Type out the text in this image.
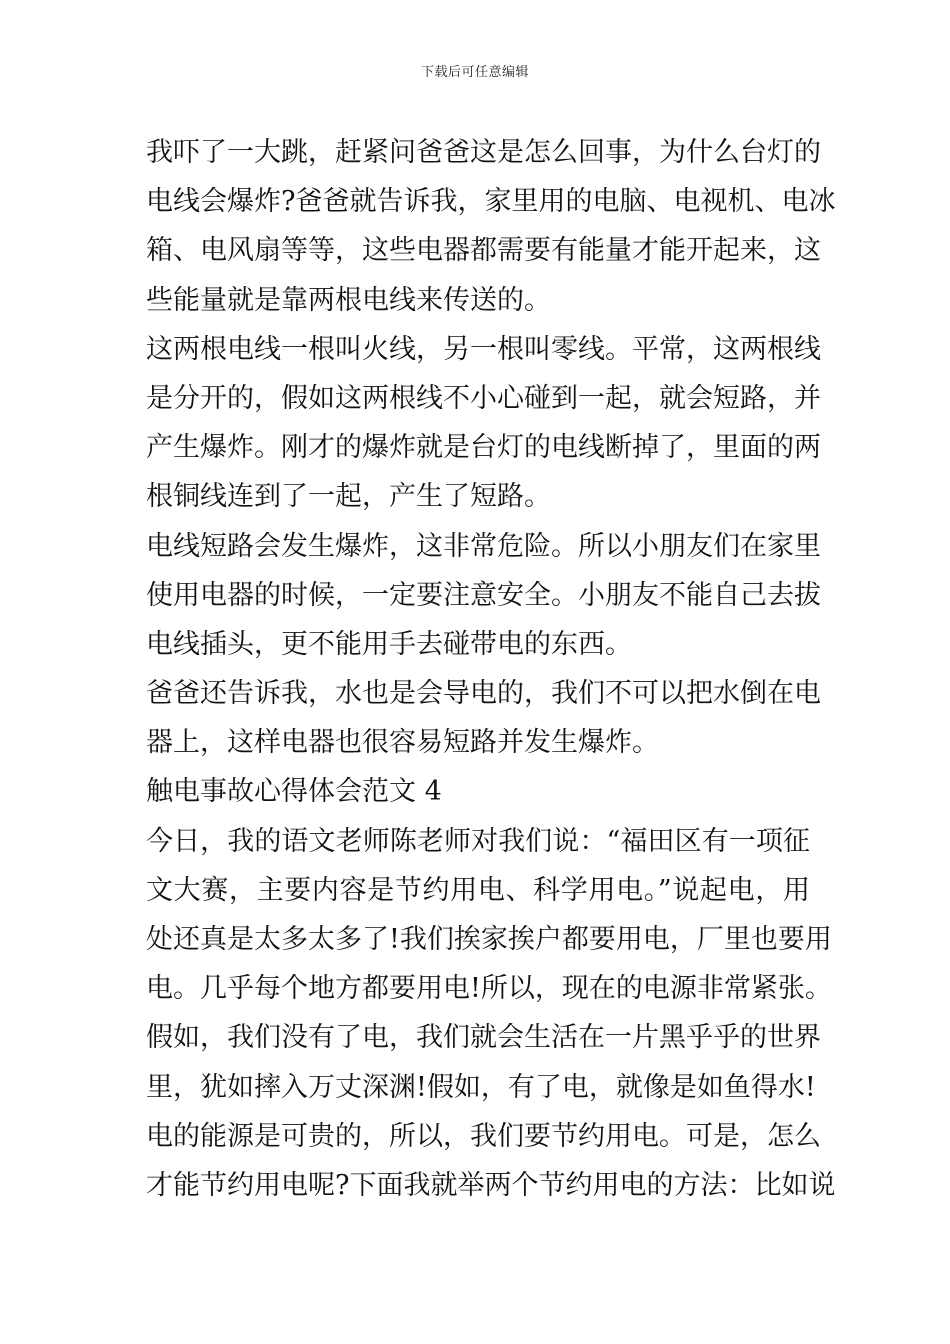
下载后可任意编辑
我吓了一大跳，赶紧问爸爸这是怎么回事，为什么台灯的
电线会爆炸?爸爸就告诉我，家里用的电脑、电视机、电冰
箱、电风扇等等，这些电器都需要有能量才能开起来，这
些能量就是靠两根电线来传送的。
这两根电线一根叫火线，另一根叫零线。平常，这两根线
是分开的，假如这两根线不小心碰到一起，就会短路，并
产生爆炸。刚才的爆炸就是台灯的电线断掉了，里面的两
根铜线连到了一起，产生了短路。
电线短路会发生爆炸，这非常危险。所以小朋友们在家里
使用电器的时候，一定要注意安全。小朋友不能自己去拔
电线插头，更不能用手去碰带电的东西。
爸爸还告诉我，水也是会导电的，我们不可以把水倒在电
器上，这样电器也很容易短路并发生爆炸。
触电事故心得体会范文 4
今日，我的语文老师陈老师对我们说：“福田区有一项征
文大赛，主要内容是节约用电、科学用电。”说起电，用
处还真是太多太多了!我们挨家挨户都要用电，厂里也要用
电。几乎每个地方都要用电!所以，现在的电源非常紧张。
假如，我们没有了电，我们就会生活在一片黑乎乎的世界
里，犹如摔入万丈深渊!假如，有了电，就像是如鱼得水!
电的能源是可贵的，所以，我们要节约用电。可是，怎么
才能节约用电呢?下面我就举两个节约用电的方法：比如说
